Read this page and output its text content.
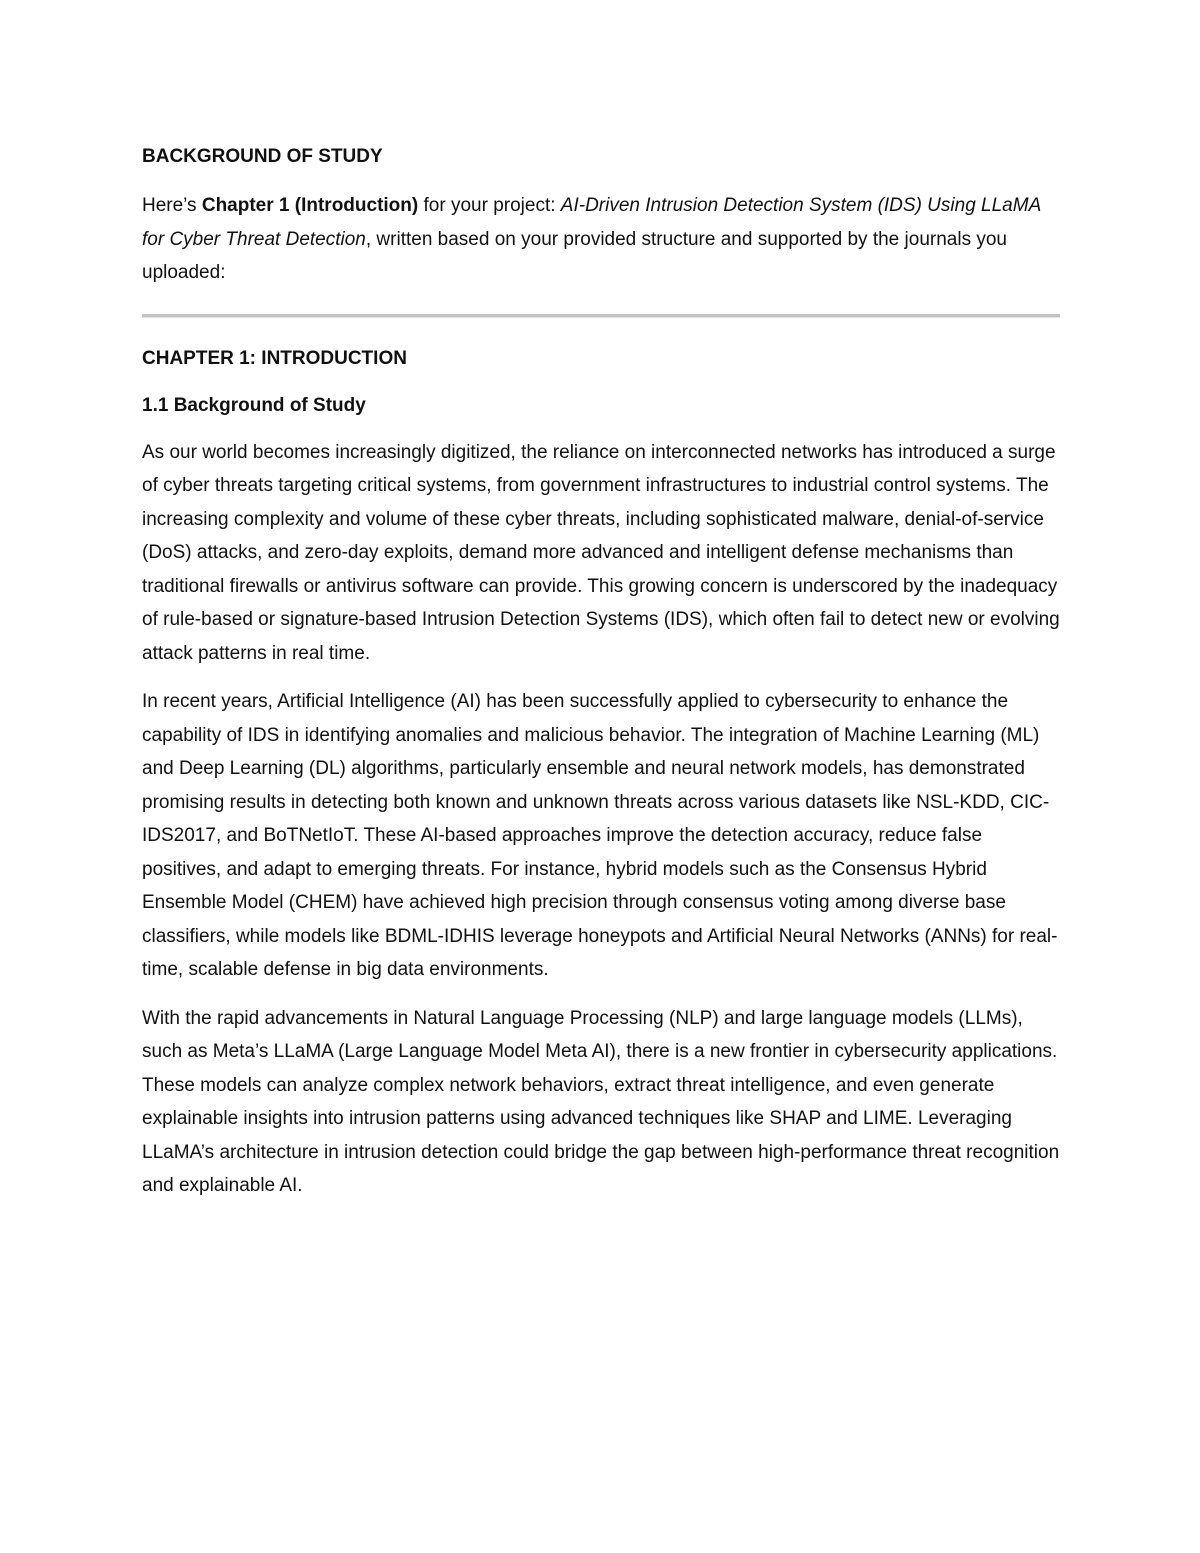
BACKGROUND OF STUDY

Here’s Chapter 1 (Introduction) for your project: AI-Driven Intrusion Detection System (IDS) Using LLaMA for Cyber Threat Detection, written based on your provided structure and supported by the journals you uploaded:

CHAPTER 1: INTRODUCTION
1.1 Background of Study

As our world becomes increasingly digitized, the reliance on interconnected networks has introduced a surge of cyber threats targeting critical systems, from government infrastructures to industrial control systems. The increasing complexity and volume of these cyber threats, including sophisticated malware, denial-of-service (DoS) attacks, and zero-day exploits, demand more advanced and intelligent defense mechanisms than traditional firewalls or antivirus software can provide. This growing concern is underscored by the inadequacy of rule-based or signature-based Intrusion Detection Systems (IDS), which often fail to detect new or evolving attack patterns in real time.

In recent years, Artificial Intelligence (AI) has been successfully applied to cybersecurity to enhance the capability of IDS in identifying anomalies and malicious behavior. The integration of Machine Learning (ML) and Deep Learning (DL) algorithms, particularly ensemble and neural network models, has demonstrated promising results in detecting both known and unknown threats across various datasets like NSL-KDD, CIC-IDS2017, and BoTNetIoT. These AI-based approaches improve the detection accuracy, reduce false positives, and adapt to emerging threats. For instance, hybrid models such as the Consensus Hybrid Ensemble Model (CHEM) have achieved high precision through consensus voting among diverse base classifiers, while models like BDML-IDHIS leverage honeypots and Artificial Neural Networks (ANNs) for real-time, scalable defense in big data environments.

With the rapid advancements in Natural Language Processing (NLP) and large language models (LLMs), such as Meta’s LLaMA (Large Language Model Meta AI), there is a new frontier in cybersecurity applications. These models can analyze complex network behaviors, extract threat intelligence, and even generate explainable insights into intrusion patterns using advanced techniques like SHAP and LIME. Leveraging LLaMA’s architecture in intrusion detection could bridge the gap between high-performance threat recognition and explainable AI.
